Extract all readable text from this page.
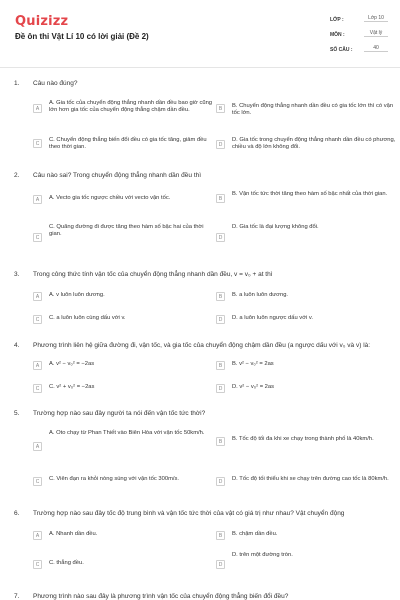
Quizizz
Đề ôn thi Vật Lí 10 có lời giải (Đề 2)
LỚP :	Lớp 10
MÔN :	Vật lý
SỐ CÂU :	40
1. Câu nào đúng?
A
A. Gia tốc của chuyển động thẳng nhanh dần đều bao giờ cũng lớn hơn gia tốc của chuyển động thẳng chậm dần đều.	B	B. Chuyển động thẳng nhanh dần đều có gia tốc lớn thì có vận tốc lớn.
C
C. Chuyển động thẳng biến đổi đều có gia tốc tăng, giảm đều theo thời gian.	D
D. Gia tốc trong chuyển động thẳng nhanh dần đều có phương, chiều và độ lớn không đổi.
2. Câu nào sai? Trong chuyển động thẳng nhanh dần đều thì
A	A. Vecto gia tốc ngược chiều với vecto vận tốc.	B
B. Vận tốc tức thời tăng theo hàm số bậc nhất của thời gian.
C
C. Quãng đường đi được tăng theo hàm số bậc hai của thời gian.
D
D. Gia tốc là đại lượng không đổi.
3. Trong công thức tính vận tốc của chuyển động thẳng nhanh dần đều, v = v₀ + at thì
A	A. v luôn luôn dương.	B	B. a luôn luôn dương.
C	C. a luôn luôn cùng dấu với v.	D	D. a luôn luôn ngược dấu với v.
4. Phương trình liên hệ giữa đường đi, vận tốc, và gia tốc của chuyển động chậm dần đều (a ngược dấu với v₀ và v) là:
A	A. v² − v₀² = −2as	B	B. v² − v₀² = 2as
C	C. v² + v₀² = −2as	D	D. v² − v₀² = 2as
5. Trường hợp nào sau đây người ta nói đến vận tốc tức thời?
A
A. Oto chạy từ Phan Thiết vào Biên Hòa với vận tốc 50km/h.
B	B. Tốc độ tối đa khi xe chạy trong thành phố là 40km/h.
C	C. Viên đạn ra khỏi nòng súng với vận tốc 300m/s.	D	D. Tốc độ tối thiểu khi xe chạy trên đường cao tốc là 80km/h.
6. Trường hợp nào sau đây tốc độ trung bình và vận tốc tức thời của vật có giá trị như nhau? Vật chuyển động
A	A. Nhanh dần đều.	B	B. chậm dần đều.
C	C. thẳng đều.	D
D. trên một đường tròn.
7. Phương trình nào sau đây là phương trình vận tốc của chuyển động thẳng biến đổi đều?
